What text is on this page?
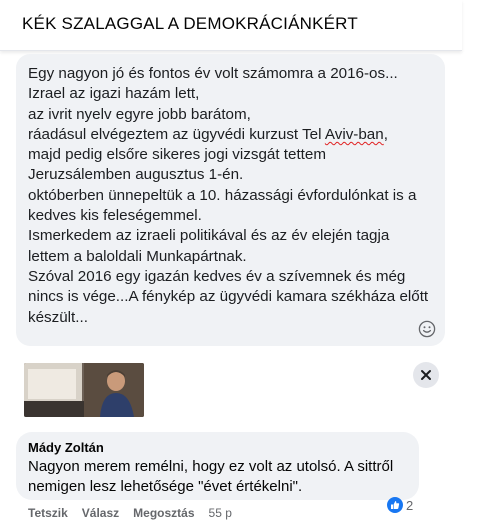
KÉK SZALAGGAL A DEMOKRÁCIÁNKÉRT
Egy nagyon jó és fontos év volt számomra a 2016-os...
Izrael az igazi hazám lett,
az ivrit nyelv egyre jobb barátom,
ráadásul elvégeztem az ügyvédi kurzust Tel Aviv-ban,
majd pedig elsőre sikeres jogi vizsgát tettem Jeruzsálemben augusztus 1-én.
októberben ünnepeltük a 10. házassági évfordulónkat is a kedves kis feleségemmel.
Ismerkedem az izraeli politikával és az év elején tagja lettem a baloldali Munkapártnak.
Szóval 2016 egy igazán kedves év a szívemnek és még nincs is vége...A fénykép az ügyvédi kamara székháza előtt készült...
Mády Zoltán
Nagyon merem remélni, hogy ez volt az utolsó. A sittről nemigen lesz lehetősége "évet értékelni".
2
Tetszik Válasz Megosztás 55 p
